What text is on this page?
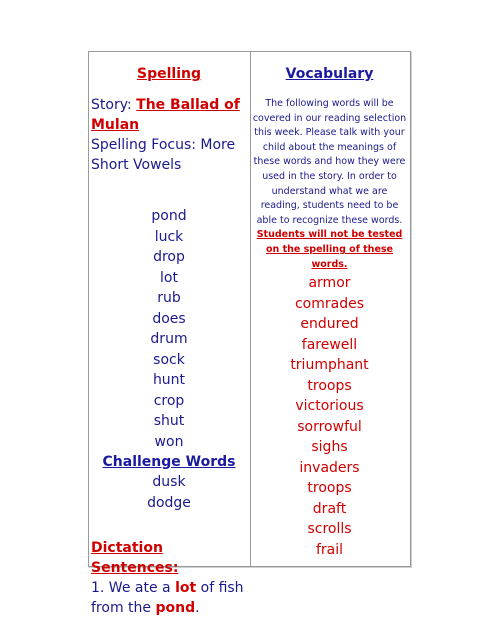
Spelling
Story: The Ballad of Mulan
Spelling Focus: More Short Vowels
pond
luck
drop
lot
rub
does
drum
sock
hunt
crop
shut
won
Challenge Words
dusk
dodge
Dictation Sentences:
1. We ate a lot of fish from the pond.
Vocabulary
The following words will be covered in our reading selection this week. Please talk with your child about the meanings of these words and how they were used in the story. In order to understand what we are reading, students need to be able to recognize these words. Students will not be tested on the spelling of these words.
armor
comrades
endured
farewell
triumphant
troops
victorious
sorrowful
sighs
invaders
troops
draft
scrolls
frail
